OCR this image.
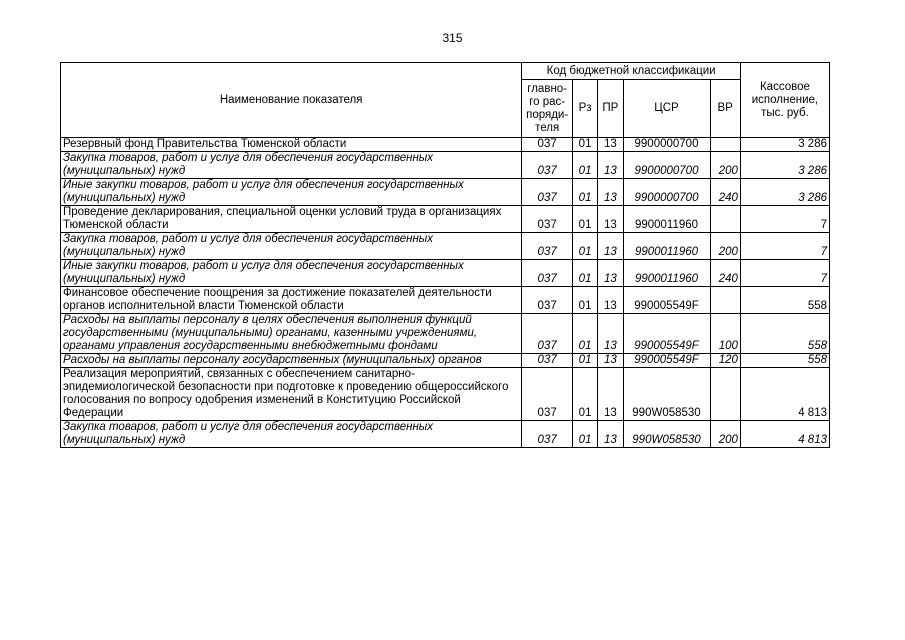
315
Наименование показателя	Код бюджетной классификации					Кассовое исполнение, тыс. руб.
	главно-го рас-поряди-теля	Рз	ПР	ЦСР	ВР	
Резервный фонд Правительства Тюменской области	037	01	13	9900000700		3 286
Закупка товаров, работ и услуг для обеспечения государственных (муниципальных) нужд	037	01	13	9900000700	200	3 286
Иные закупки товаров, работ и услуг для обеспечения государственных (муниципальных) нужд	037	01	13	9900000700	240	3 286
Проведение декларирования, специальной оценки условий труда в организациях Тюменской области	037	01	13	9900011960		7
Закупка товаров, работ и услуг для обеспечения государственных (муниципальных) нужд	037	01	13	9900011960	200	7
Иные закупки товаров, работ и услуг для обеспечения государственных (муниципальных) нужд	037	01	13	9900011960	240	7
Финансовое обеспечение поощрения за достижение показателей деятельности органов исполнительной власти Тюменской области	037	01	13	990005549F		558
Расходы на выплаты персоналу в целях обеспечения выполнения функций государственными (муниципальными) органами, казенными учреждениями, органами управления государственными внебюджетными фондами	037	01	13	990005549F	100	558
Расходы на выплаты персоналу государственных (муниципальных) органов	037	01	13	990005549F	120	558
Реализация мероприятий, связанных с обеспечением санитарно-эпидемиологической безопасности при подготовке к проведению общероссийского голосования по вопросу одобрения изменений в Конституцию Российской Федерации	037	01	13	990W058530		4 813
Закупка товаров, работ и услуг для обеспечения государственных (муниципальных) нужд	037	01	13	990W058530	200	4 813
